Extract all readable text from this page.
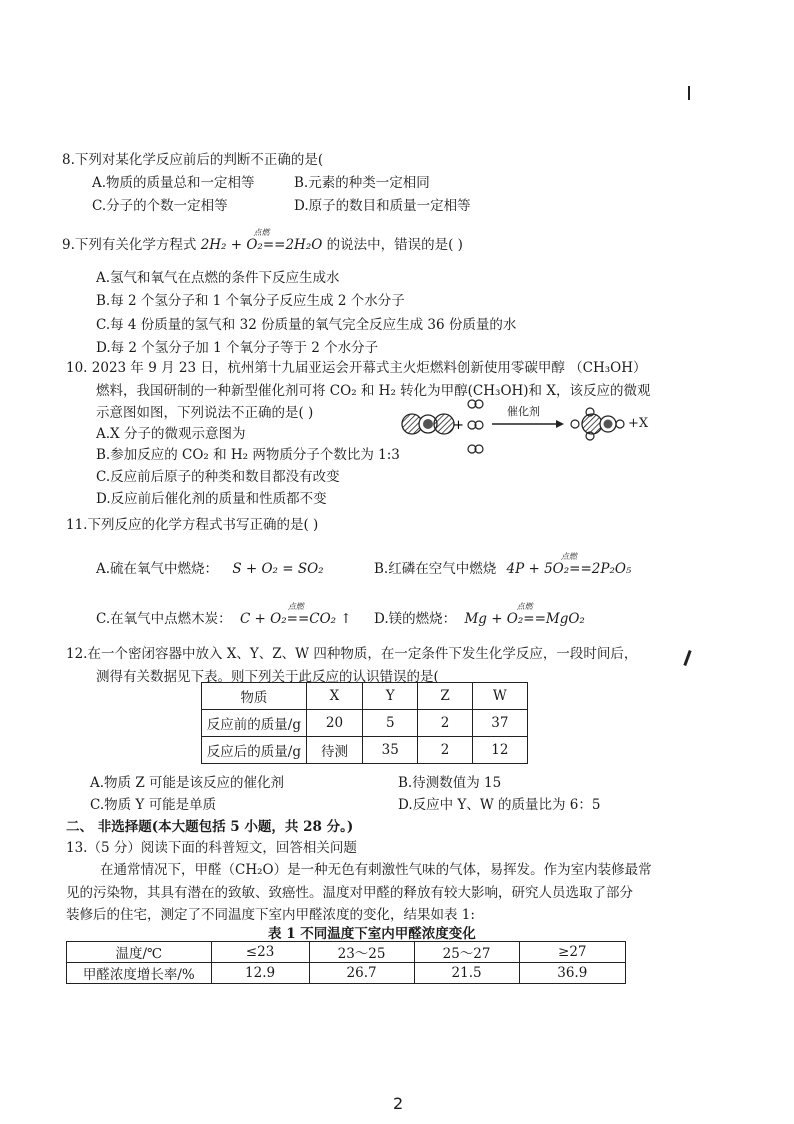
8.下列对某化学反应前后的判断不正确的是(
A.物质的质量总和一定相等	B.元素的种类一定相同
C.分子的个数一定相等	D.原子的数目和质量一定相等
9.下列有关化学方程式
点燃
2H₂ + O₂==2H₂O 的说法中，错误的是( )
A.氢气和氧气在点燃的条件下反应生成水
B.每 2 个氢分子和 1 个氧分子反应生成 2 个水分子
C.每 4 份质量的氢气和 32 份质量的氧气完全反应生成 36 份质量的水
D.每 2 个氢分子加 1 个氧分子等于 2 个水分子
10. 2023 年 9 月 23 日，杭州第十九届亚运会开幕式主火炬燃料创新使用零碳甲醇 （CH₃OH）
燃料，我国研制的一种新型催化剂可将 CO₂ 和 H₂ 转化为甲醇(CH₃OH)和 X，该反应的微观
示意图如图，下列说法不正确的是( )
A.X 分子的微观示意图为
B.参加反应的 CO₂ 和 H₂ 两物质分子个数比为 1:3
C.反应前后原子的种类和数目都没有改变
D.反应前后催化剂的质量和性质都不变
+
催化剂
+X
11.下列反应的化学方程式书写正确的是( )
A.硫在氧气中燃烧： S + O₂ = SO₂	B.红磷在空气中燃烧
点燃
4P + 5O₂==2P₂O₅
C.在氧气中点燃木炭：
点燃
C + O₂==CO₂ ↑ D.镁的燃烧：
点燃
Mg + O₂==MgO₂
12.在一个密闭容器中放入 X、Y、Z、W 四种物质，在一定条件下发生化学反应，一段时间后，
测得有关数据见下表。则下列关于此反应的认识错误的是(
物质	X	Y	Z	W
反应前的质量/g	20	5	2	37
反应后的质量/g	待测	35	2	12
A.物质 Z 可能是该反应的催化剂	B.待测数值为 15
C.物质 Y 可能是单质	D.反应中 Y、W 的质量比为 6：5
二、 非选择题(本大题包括 5 小题，共 28 分。)
13.（5 分）阅读下面的科普短文，回答相关问题
在通常情况下，甲醛（CH₂O）是一种无色有刺激性气味的气体，易挥发。作为室内装修最常
见的污染物，其具有潜在的致敏、致癌性。温度对甲醛的释放有较大影响，研究人员选取了部分
装修后的住宅，测定了不同温度下室内甲醛浓度的变化，结果如表 1:
表 1 不同温度下室内甲醛浓度变化
温度/℃	≤23	23～25	25～27	≥27
甲醛浓度增长率/%	12.9	26.7	21.5	36.9
2
